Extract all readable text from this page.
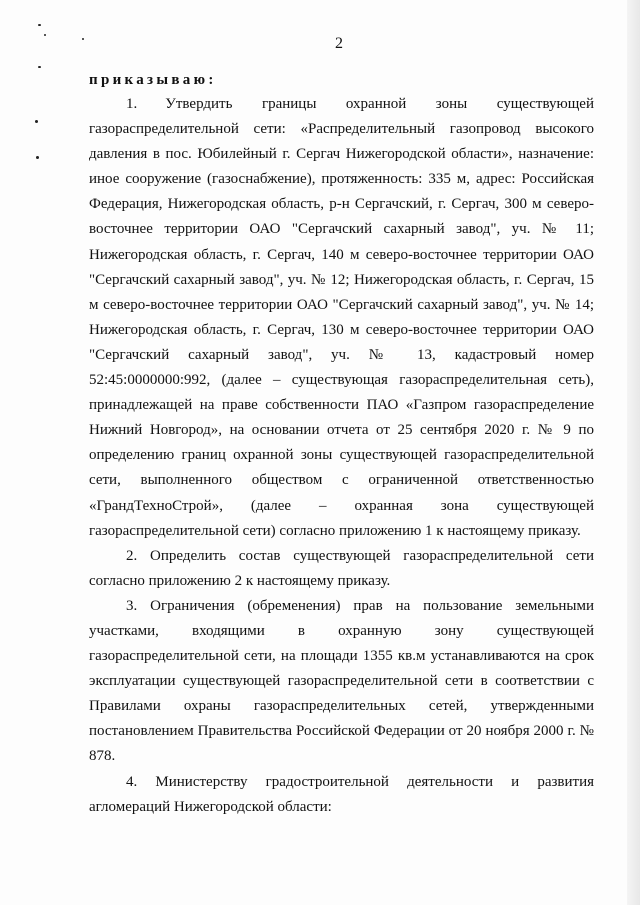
2
приказываю:

1. Утвердить границы охранной зоны существующей газораспределительной сети: «Распределительный газопровод высокого давления в пос. Юбилейный г. Сергач Нижегородской области», назначение: иное сооружение (газоснабжение), протяженность: 335 м, адрес: Российская Федерация, Нижегородская область, р-н Сергачский, г. Сергач, 300 м северо-восточнее территории ОАО "Сергачский сахарный завод", уч. № 11; Нижегородская область, г. Сергач, 140 м северо-восточнее территории ОАО "Сергачский сахарный завод", уч. № 12; Нижегородская область, г. Сергач, 15 м северо-восточнее территории ОАО "Сергачский сахарный завод", уч. № 14; Нижегородская область, г. Сергач, 130 м северо-восточнее территории ОАО "Сергачский сахарный завод", уч. № 13, кадастровый номер 52:45:0000000:992, (далее – существующая газораспределительная сеть), принадлежащей на праве собственности ПАО «Газпром газораспределение Нижний Новгород», на основании отчета от 25 сентября 2020 г. № 9 по определению границ охранной зоны существующей газораспределительной сети, выполненного обществом с ограниченной ответственностью «ГрандТехноСтрой», (далее – охранная зона существующей газораспределительной сети) согласно приложению 1 к настоящему приказу.

2. Определить состав существующей газораспределительной сети согласно приложению 2 к настоящему приказу.

3. Ограничения (обременения) прав на пользование земельными участками, входящими в охранную зону существующей газораспределительной сети, на площади 1355 кв.м устанавливаются на срок эксплуатации существующей газораспределительной сети в соответствии с Правилами охраны газораспределительных сетей, утвержденными постановлением Правительства Российской Федерации от 20 ноября 2000 г. № 878.

4. Министерству градостроительной деятельности и развития агломераций Нижегородской области:
